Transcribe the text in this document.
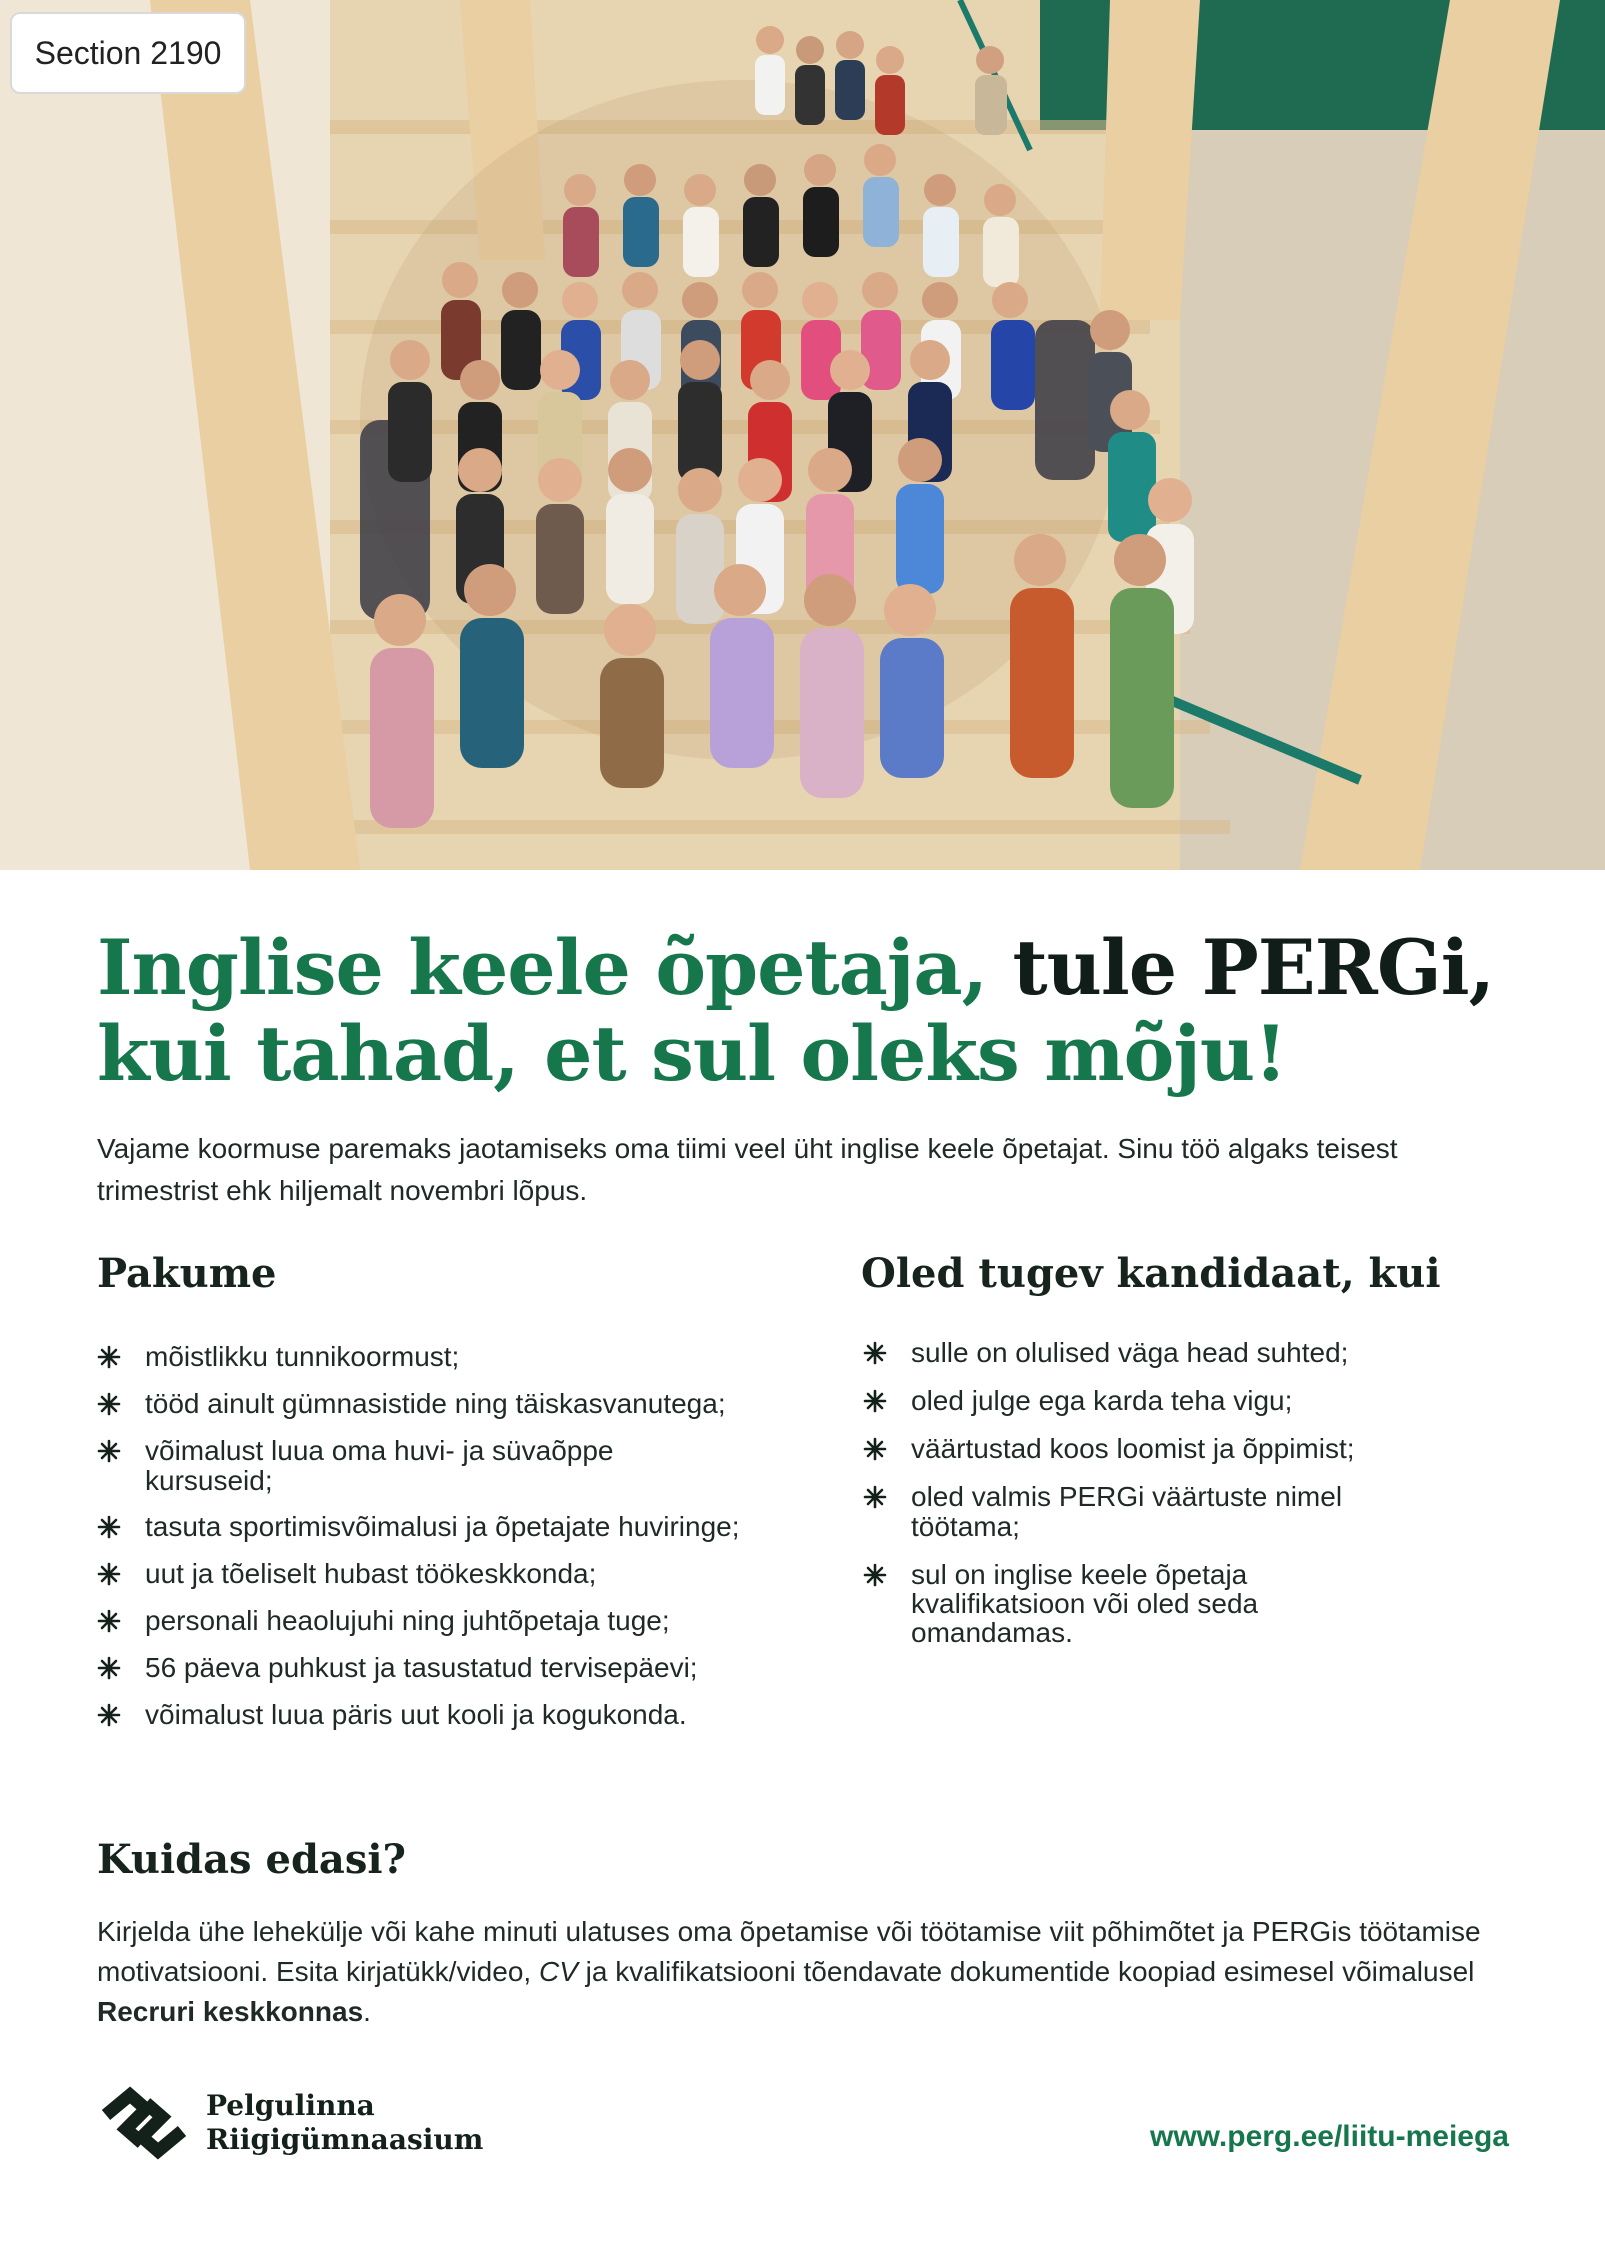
Section 2190
Inglise keele õpetaja, tule PERGi,
kui tahad, et sul oleks mõju!

Vajame koormuse paremaks jaotamiseks oma tiimi veel üht inglise keele õpetajat. Sinu töö algaks teisest trimestrist ehk hiljemalt novembri lõpus.

Pakume
mõistlikku tunnikoormust;
tööd ainult gümnasistide ning täiskasvanutega;
võimalust luua oma huvi- ja süvaõppe kursuseid;
tasuta sportimisvõimalusi ja õpetajate huviringe;
uut ja tõeliselt hubast töökeskkonda;
personali heaolujuhi ning juhtõpetaja tuge;
56 päeva puhkust ja tasustatud tervisepäevi;
võimalust luua päris uut kooli ja kogukonda.
Oled tugev kandidaat, kui
sulle on olulised väga head suhted;
oled julge ega karda teha vigu;
väärtustad koos loomist ja õppimist;
oled valmis PERGi väärtuste nimel töötama;
sul on inglise keele õpetaja kvalifikatsioon või oled seda omandamas.
Kuidas edasi?

Kirjelda ühe lehekülje või kahe minuti ulatuses oma õpetamise või töötamise viit põhimõtet ja PERGis töötamise motivatsiooni. Esita kirjatükk/video, CV ja kvalifikatsiooni tõendavate dokumentide koopiad esimesel võimalusel Recruri keskkonnas.

Pelgulinna
Riigigümnaasium	www.perg.ee/liitu-meiega
